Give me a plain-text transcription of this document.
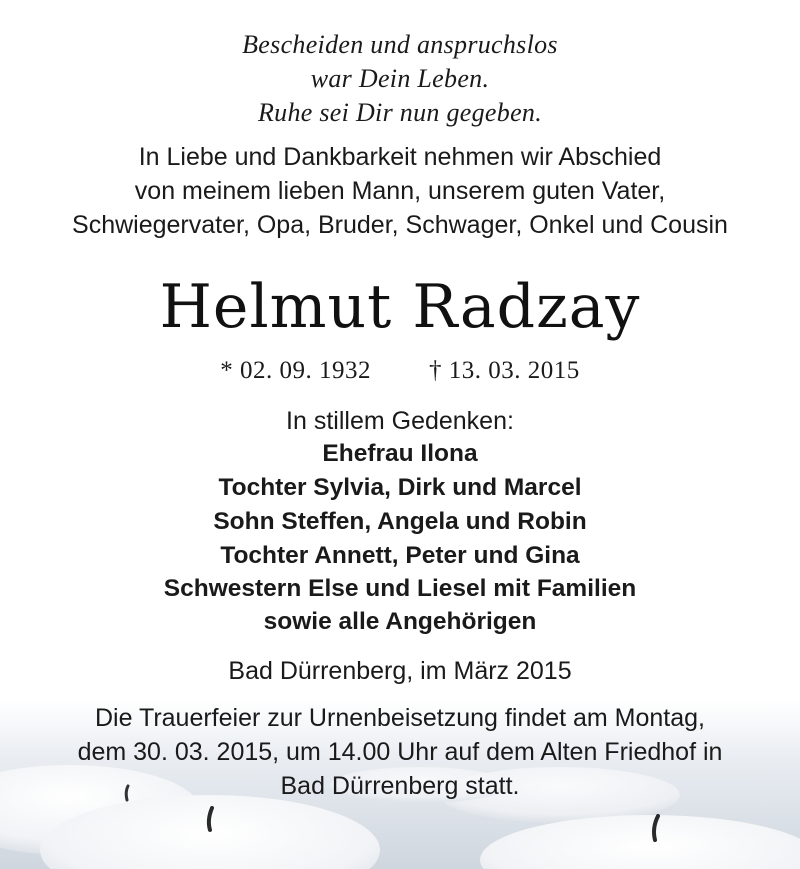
Bescheiden und anspruchslos
war Dein Leben.
Ruhe sei Dir nun gegeben.
In Liebe und Dankbarkeit nehmen wir Abschied
von meinem lieben Mann, unserem guten Vater,
Schwiegervater, Opa, Bruder, Schwager, Onkel und Cousin
Helmut Radzay
* 02. 09. 1932 † 13. 03. 2015
In stillem Gedenken:
Ehefrau Ilona
Tochter Sylvia, Dirk und Marcel
Sohn Steffen, Angela und Robin
Tochter Annett, Peter und Gina
Schwestern Else und Liesel mit Familien
sowie alle Angehörigen
Bad Dürrenberg, im März 2015
Die Trauerfeier zur Urnenbeisetzung findet am Montag,
dem 30. 03. 2015, um 14.00 Uhr auf dem Alten Friedhof in
Bad Dürrenberg statt.
